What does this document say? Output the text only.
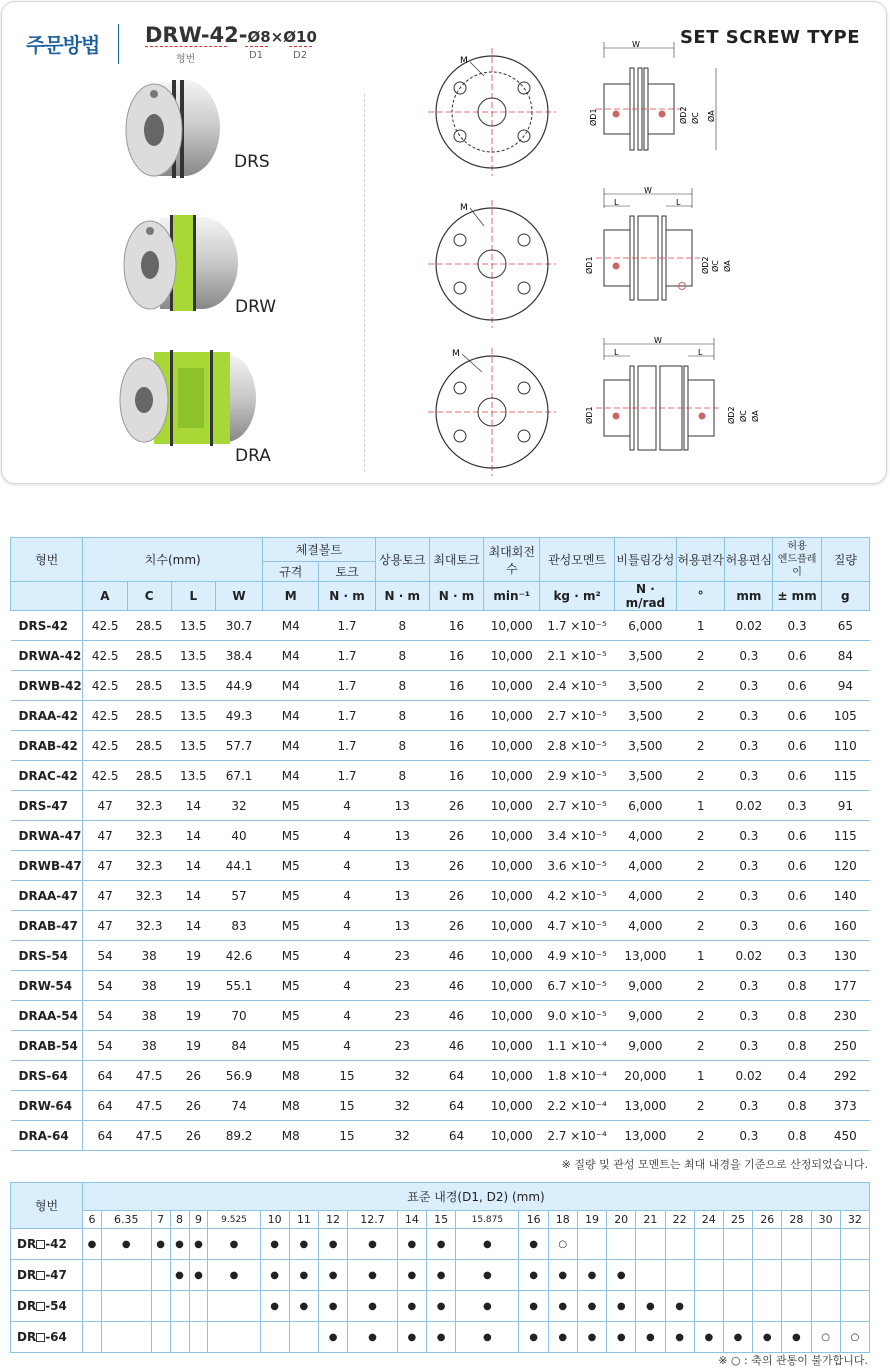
주문방법 DRW-42-Ø8×Ø10
형번	D1	D2
SET SCREW TYPE
DRS
DRW
DRA
M
M
M
W
ØA
ØC
ØD2
ØD1
W
L	L
ØA
ØC
ØD2
ØD1
W
L	L
ØA
ØC
ØD2
ØD1
형번	치수(mm)				체결볼트		상용토크	최대토크	최대회전수	관성모멘트	비틀림강성	허용편각	허용편심	허용
엔드플레이	질량
					규격	토크									
	A	C	L	W	M	N · m	N · m	N · m	min⁻¹	kg · m²	N · m/rad	°	mm	± mm	g
DRS-42	42.5	28.5	13.5	30.7	M4	1.7	8	16	10,000	1.7 ×10⁻⁵	6,000	1	0.02	0.3	65
DRWA-42	42.5	28.5	13.5	38.4	M4	1.7	8	16	10,000	2.1 ×10⁻⁵	3,500	2	0.3	0.6	84
DRWB-42	42.5	28.5	13.5	44.9	M4	1.7	8	16	10,000	2.4 ×10⁻⁵	3,500	2	0.3	0.6	94
DRAA-42	42.5	28.5	13.5	49.3	M4	1.7	8	16	10,000	2.7 ×10⁻⁵	3,500	2	0.3	0.6	105
DRAB-42	42.5	28.5	13.5	57.7	M4	1.7	8	16	10,000	2.8 ×10⁻⁵	3,500	2	0.3	0.6	110
DRAC-42	42.5	28.5	13.5	67.1	M4	1.7	8	16	10,000	2.9 ×10⁻⁵	3,500	2	0.3	0.6	115
DRS-47	47	32.3	14	32	M5	4	13	26	10,000	2.7 ×10⁻⁵	6,000	1	0.02	0.3	91
DRWA-47	47	32.3	14	40	M5	4	13	26	10,000	3.4 ×10⁻⁵	4,000	2	0.3	0.6	115
DRWB-47	47	32.3	14	44.1	M5	4	13	26	10,000	3.6 ×10⁻⁵	4,000	2	0.3	0.6	120
DRAA-47	47	32.3	14	57	M5	4	13	26	10,000	4.2 ×10⁻⁵	4,000	2	0.3	0.6	140
DRAB-47	47	32.3	14	83	M5	4	13	26	10,000	4.7 ×10⁻⁵	4,000	2	0.3	0.6	160
DRS-54	54	38	19	42.6	M5	4	23	46	10,000	4.9 ×10⁻⁵	13,000	1	0.02	0.3	130
DRW-54	54	38	19	55.1	M5	4	23	46	10,000	6.7 ×10⁻⁵	9,000	2	0.3	0.8	177
DRAA-54	54	38	19	70	M5	4	23	46	10,000	9.0 ×10⁻⁵	9,000	2	0.3	0.8	230
DRAB-54	54	38	19	84	M5	4	23	46	10,000	1.1 ×10⁻⁴	9,000	2	0.3	0.8	250
DRS-64	64	47.5	26	56.9	M8	15	32	64	10,000	1.8 ×10⁻⁴	20,000	1	0.02	0.4	292
DRW-64	64	47.5	26	74	M8	15	32	64	10,000	2.2 ×10⁻⁴	13,000	2	0.3	0.8	373
DRA-64	64	47.5	26	89.2	M8	15	32	64	10,000	2.7 ×10⁻⁴	13,000	2	0.3	0.8	450
※ 질량 및 관성 모멘트는 최대 내경을 기준으로 산정되었습니다.
형번	표준 내경(D1, D2) (mm)																								
	6	6.35	7	8	9	9.525	10	11	12	12.7	14	15	15.875	16	18	19	20	21	22	24	25	26	28	30	32
DR -42	●	●	●	●	●	●	●	●	●	●	●	●	●	●	○										
DR -47				●	●	●	●	●	●	●	●	●	●	●	●	●	●								
DR -54							●	●	●	●	●	●	●	●	●	●	●	●	●						
DR -64									●	●	●	●	●	●	●	●	●	●	●	●	●	●	●	○	○
※ ○ : 축의 관통이 불가합니다.
